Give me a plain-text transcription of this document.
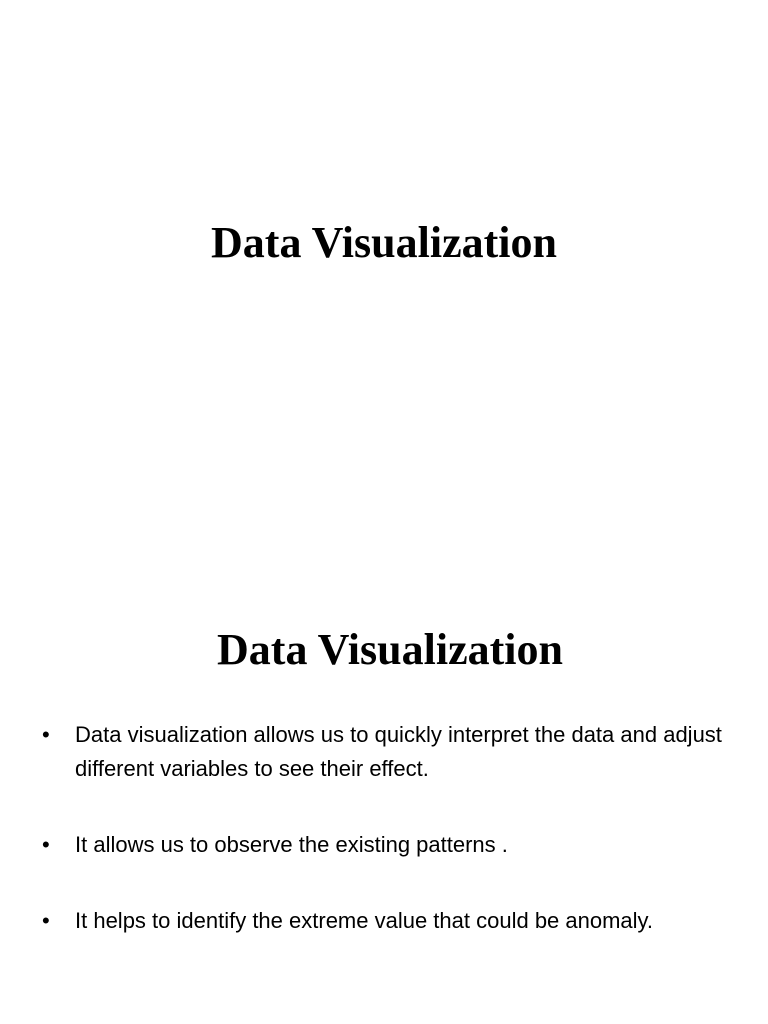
Data Visualization
Data Visualization
•	Data visualization allows us to quickly interpret the data and adjust different variables to see their effect.
•	It allows us to observe the existing patterns .
•	It helps to identify the extreme value that could be anomaly.
